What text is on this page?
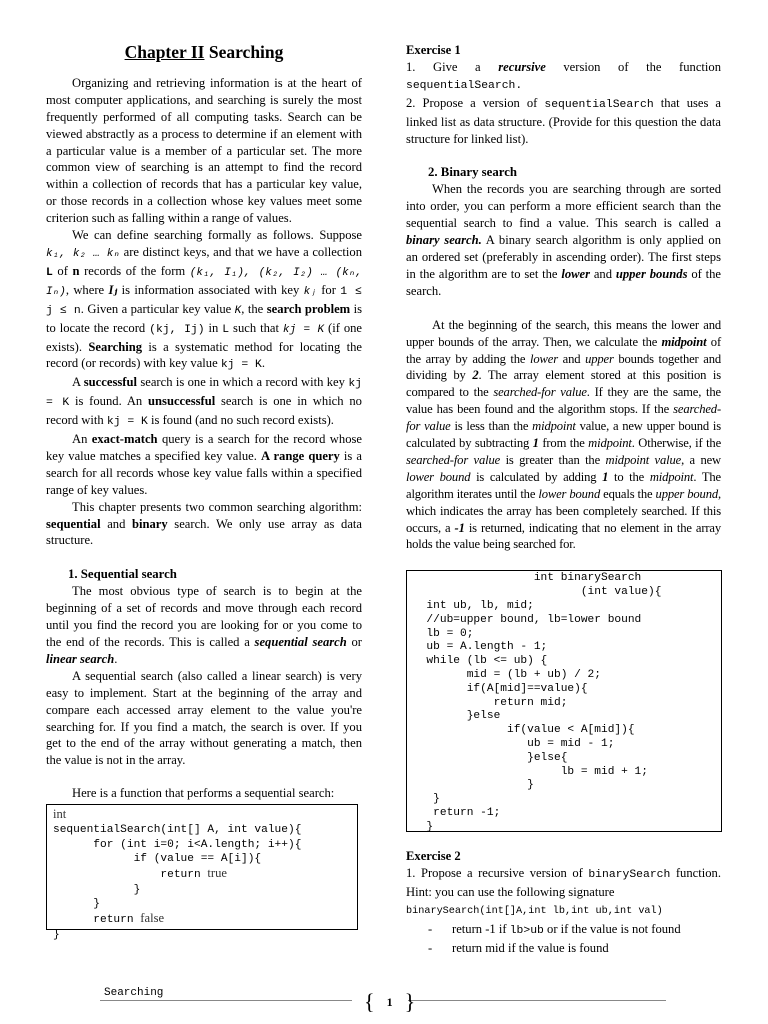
Chapter II Searching

Organizing and retrieving information is at the heart of most computer applications, and searching is surely the most frequently performed of all computing tasks. Search can be viewed abstractly as a process to determine if an element with a particular value is a member of a particular set. The more common view of searching is an attempt to find the record within a collection of records that has a particular key value, or those records in a collection whose key values meet some criterion such as falling within a range of values.

We can define searching formally as follows. Suppose k₁, k₂ … kₙ are distinct keys, and that we have a collection L of n records of the form (k₁, I₁), (k₂, I₂) … (kₙ, Iₙ), where Iⱼ is information associated with key kⱼ for 1 ≤ j ≤ n. Given a particular key value K, the search problem is to locate the record (kj, Ij) in L such that kj = K (if one exists). Searching is a systematic method for locating the record (or records) with key value kj = K.

A successful search is one in which a record with key kj = K is found. An unsuccessful search is one in which no record with kj = K is found (and no such record exists).

An exact-match query is a search for the record whose key value matches a specified key value. A range query is a search for all records whose key value falls within a specified range of key values.

This chapter presents two common searching algorithm: sequential and binary search. We only use array as data structure.

1. Sequential search

The most obvious type of search is to begin at the beginning of a set of records and move through each record until you find the record you are looking for or you come to the end of the records. This is called a sequential search or linear search.

A sequential search (also called a linear search) is very easy to implement. Start at the beginning of the array and compare each accessed array element to the value you're searching for. If you find a match, the search is over. If you get to the end of the array without generating a match, then the value is not in the array.

Here is a function that performs a sequential search:

int
sequentialSearch(int[] A, int value){
for (int i=0; i<A.length; i++){
if (value == A[i]){
return true
}
}
return false
}
Exercise 1

1. Give a recursive version of the function sequentialSearch.
2. Propose a version of sequentialSearch that uses a linked list as data structure. (Provide for this question the data structure for linked list).

2. Binary search

When the records you are searching through are sorted into order, you can perform a more efficient search than the sequential search to find a value. This search is called a binary search. A binary search algorithm is only applied on an ordered set (preferably in ascending order). The first steps in the algorithm are to set the lower and upper bounds of the search.

At the beginning of the search, this means the lower and upper bounds of the array. Then, we calculate the midpoint of the array by adding the lower and upper bounds together and dividing by 2. The array element stored at this position is compared to the searched-for value. If they are the same, the value has been found and the algorithm stops. If the searched-for value is less than the midpoint value, a new upper bound is calculated by subtracting 1 from the midpoint. Otherwise, if the searched-for value is greater than the midpoint value, a new lower bound is calculated by adding 1 to the midpoint. The algorithm iterates until the lower bound equals the upper bound, which indicates the array has been completely searched. If this occurs, a -1 is returned, indicating that no element in the array holds the value being searched for.

int binarySearch
(int value){
int ub, lb, mid;
//ub=upper bound, lb=lower bound
lb = 0;
ub = A.length - 1;
while (lb <= ub) {
mid = (lb + ub) / 2;
if(A[mid]==value){
return mid;
}else
if(value < A[mid]){
ub = mid - 1;
}else{
lb = mid + 1;
}
}
return -1;
}
Exercise 2

1. Propose a recursive version of binarySearch function. Hint: you can use the following signature
binarySearch(int[]A,int lb,int ub,int val)

- return -1 if lb>ub or if the value is not found
- return mid if the value is found
Searching	{ 1 }
